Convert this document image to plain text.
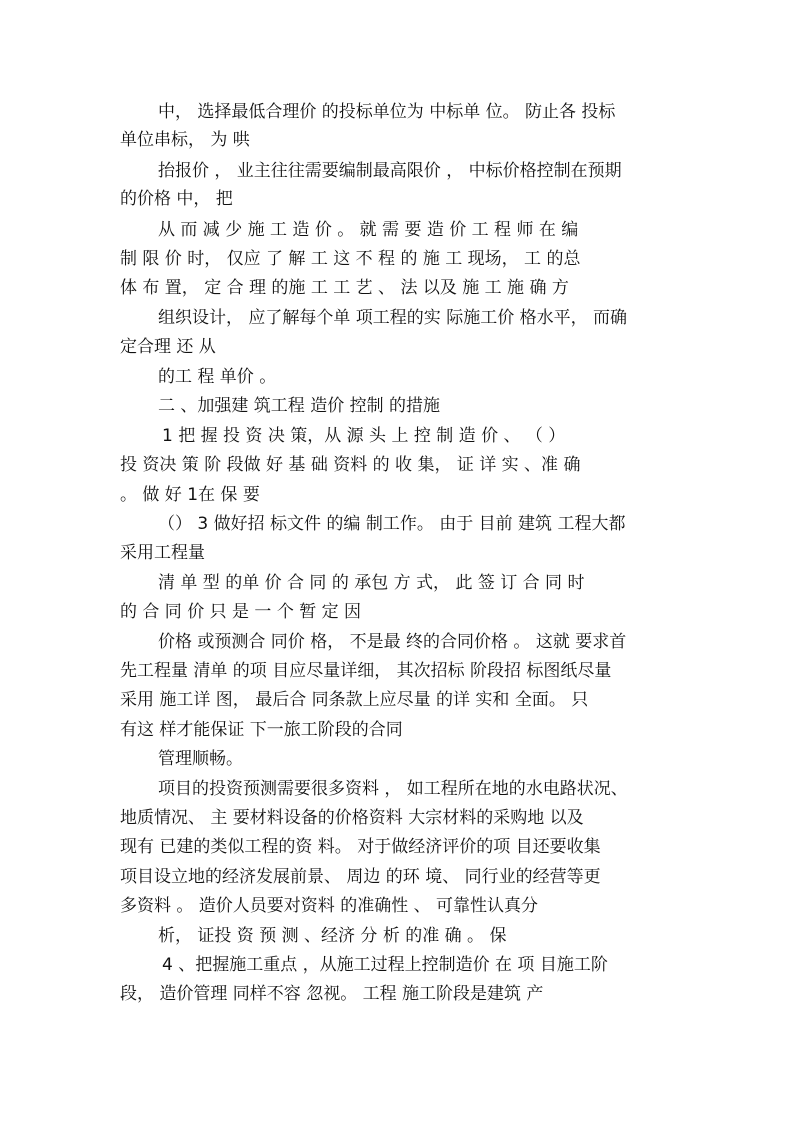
中， 选择最低合理价 的投标单位为 中标单 位。 防止各 投标

单位串标， 为 哄

抬报价 ， 业主往往需要编制最高限价 ， 中标价格控制在预期

的价格 中， 把

从 而 减 少 施 工 造 价 。 就 需 要 造 价 工 程 师 在 编

制 限 价 时， 仅应 了 解 工 这 不 程 的 施 工 现场， 工 的总

体 布 置， 定 合 理 的施 工 工 艺 、 法 以及 施 工 施 确 方

组织设计， 应了解每个单 项工程的实 际施工价 格水平， 而确

定合理 还 从

的工 程 单价 。

二 、加强建 筑工程 造价 控制 的措施

1 把 握 投 资 决 策，从 源 头 上 控 制 造 价 、 （ ）

投 资决 策 阶 段做 好 基 础 资料 的 收 集， 证 详 实 、准 确

。 做 好 1在 保 要

（） 3 做好招 标文件 的编 制工作。 由于 目前 建筑 工程大都

采用工程量

清 单 型 的单 价 合 同 的 承包 方 式， 此 签 订 合 同 时

的 合 同 价 只 是 一 个 暂 定 因

价格 或预测合 同价 格， 不是最 终的合同价格 。 这就 要求首

先工程量 清单 的项 目应尽量详细， 其次招标 阶段招 标图纸尽量

采用 施工详 图， 最后合 同条款上应尽量 的详 实和 全面。 只

有这 样才能保证 下一旅工阶段的合同

管理顺畅。

项目的投资预测需要很多资料 ， 如工程所在地的水电路状况、

地质情况、 主 要材料设备的价格资料 大宗材料的采购地 以及

现有 已建的类似工程的资 料。 对于做经济评价的项 目还要收集

项目设立地的经济发展前景、 周边 的环 境、 同行业的经营等更

多资料 。 造价人员要对资料 的准确性 、 可靠性认真分

析， 证投 资 预 测 、经济 分 析 的准 确 。 保

4 、把握施工重点 ，从施工过程上控制造价 在 项 目施工阶

段， 造价管理 同样不容 忽视。 工程 施工阶段是建筑 产
